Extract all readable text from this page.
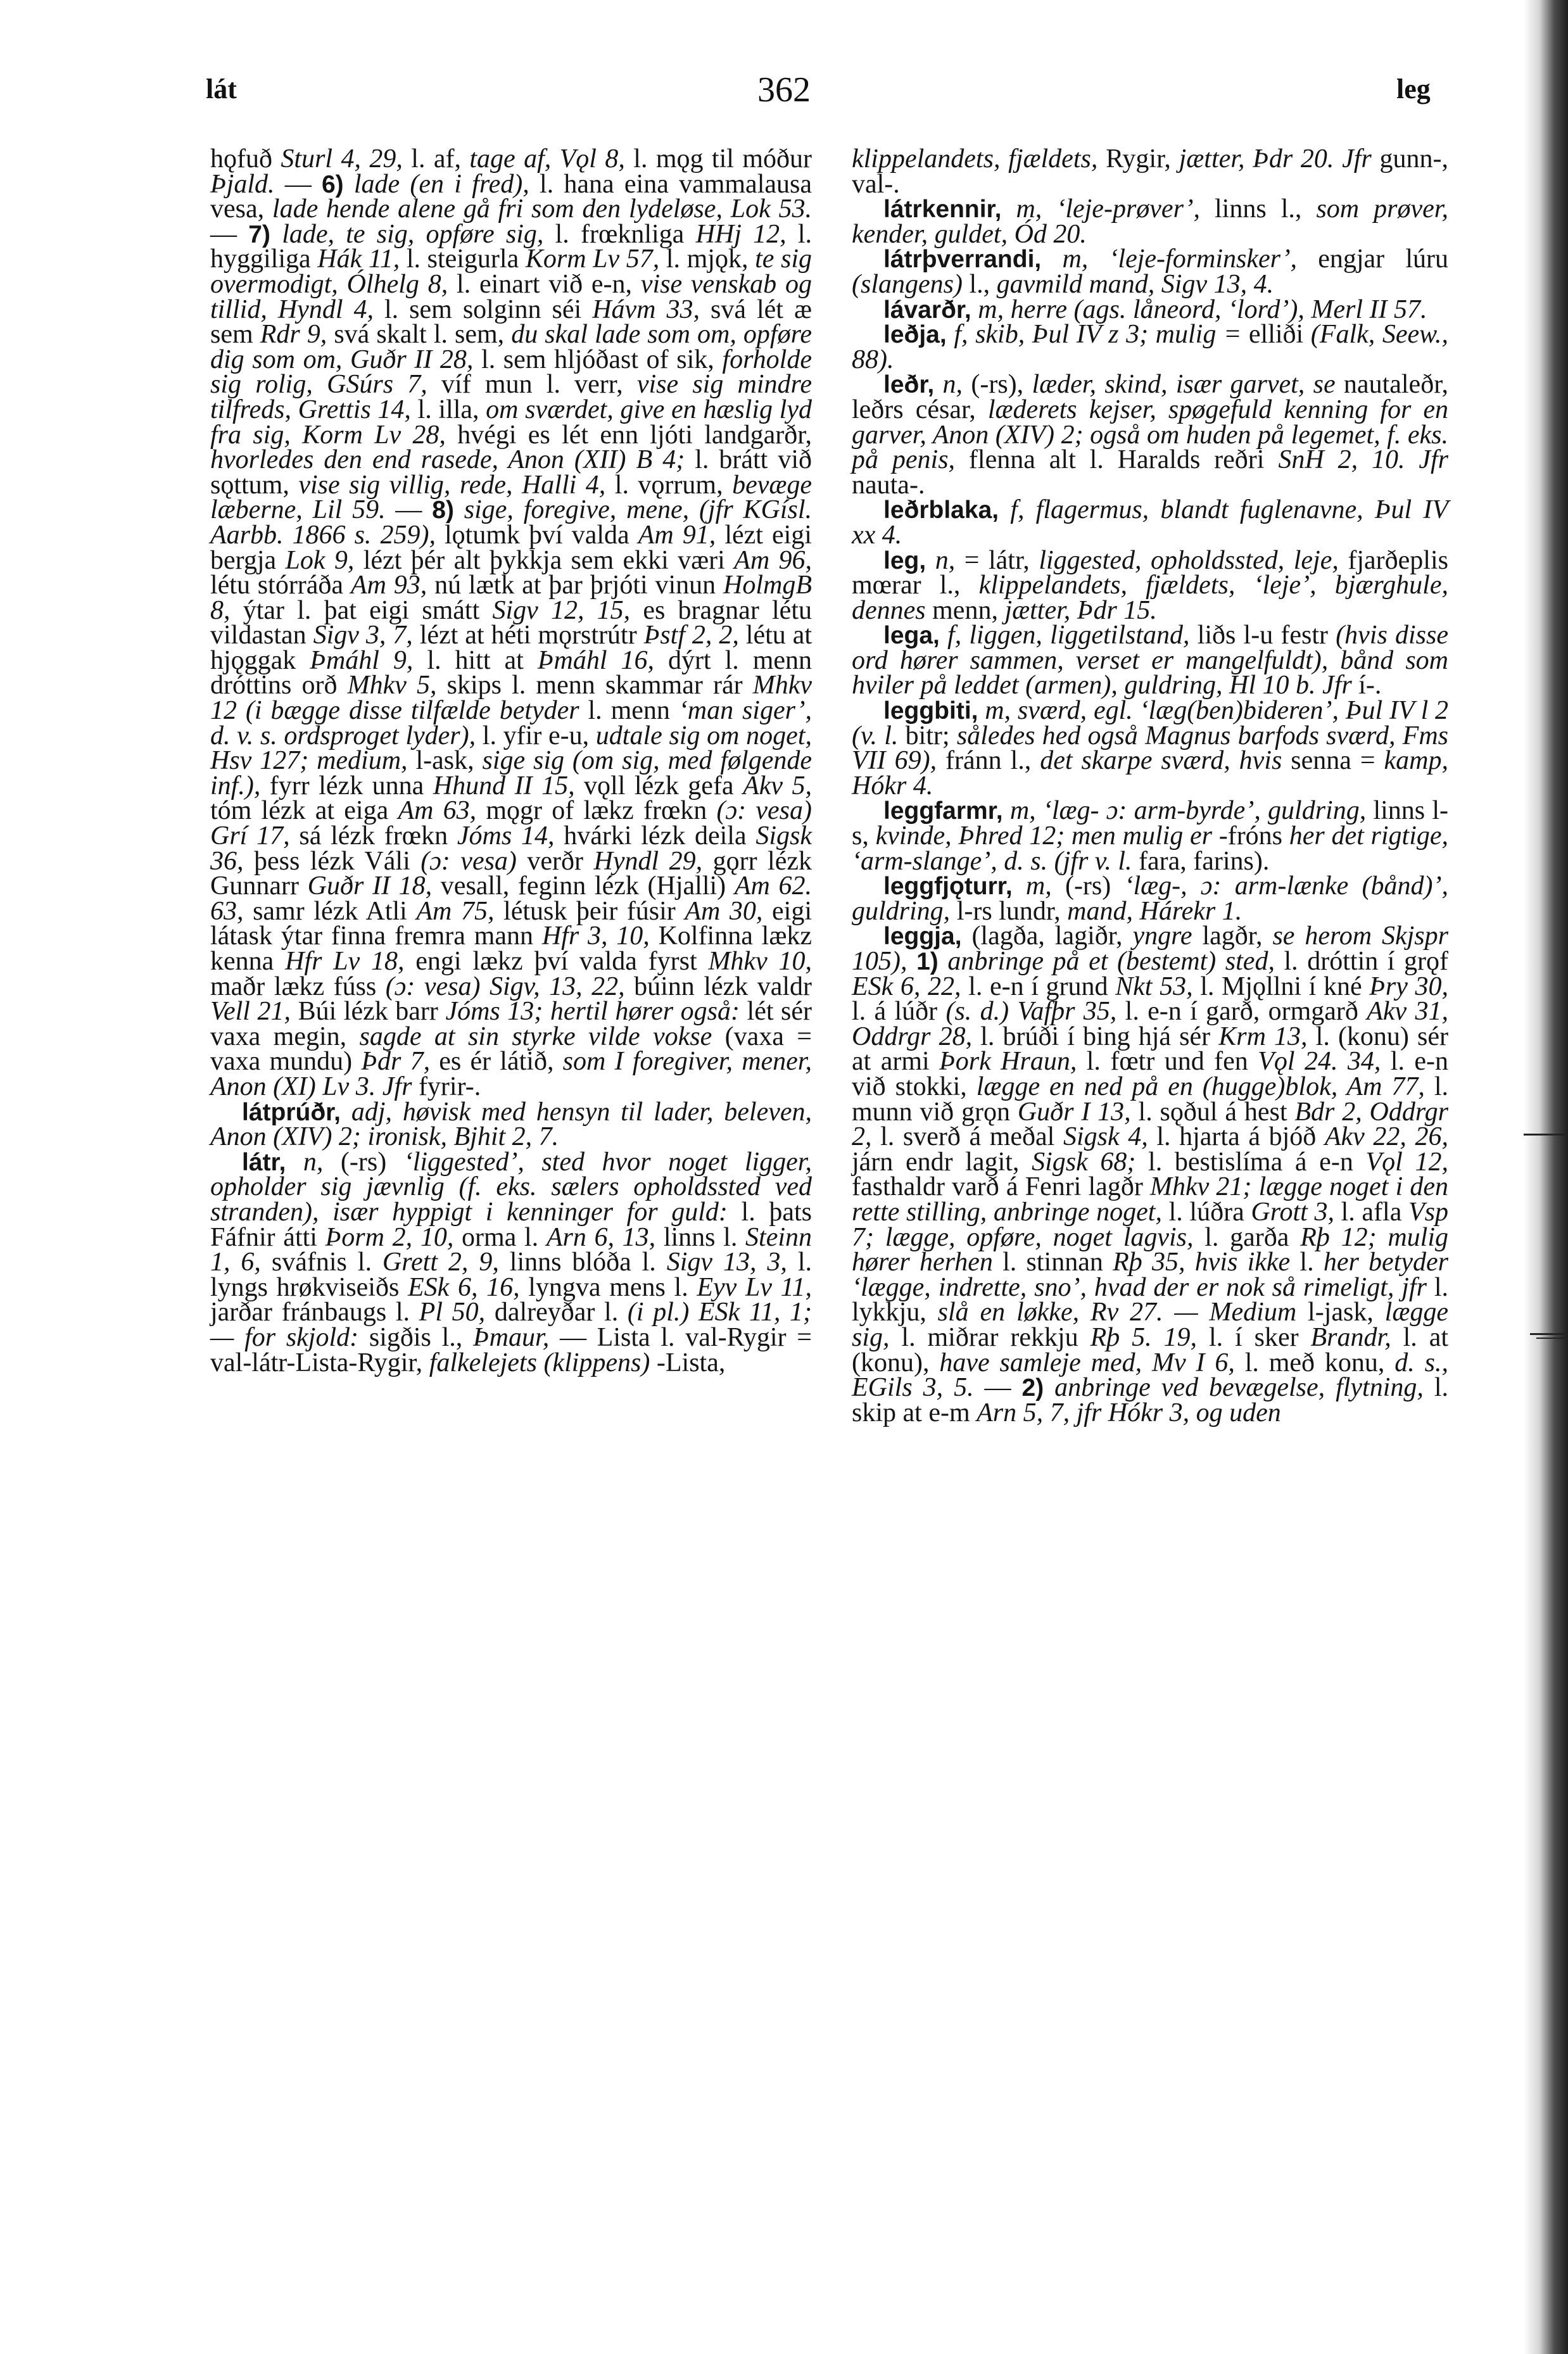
lát	362	leg

hǫfuð Sturl 4, 29, l. af, tage af, Vǫl 8, l. mǫg til móður Þjald. — 6) lade (en i fred), l. hana eina vammalausa vesa, lade hende alene gå fri som den lydeløse, Lok 53. — 7) lade, te sig, opføre sig, l. frœknliga HHj 12, l. hyggiliga Hák 11, l. steigurla Korm Lv 57, l. mjǫk, te sig overmodigt, Ólhelg 8, l. einart við e-n, vise venskab og tillid, Hyndl 4, l. sem solginn séi Hávm 33, svá lét æ sem Rdr 9, svá skalt l. sem, du skal lade som om, opføre dig som om, Guðr II 28, l. sem hljóðast of sik, forholde sig rolig, GSúrs 7, víf mun l. verr, vise sig mindre tilfreds, Grettis 14, l. illa, om sværdet, give en hæslig lyd fra sig, Korm Lv 28, hvégi es lét enn ljóti landgarðr, hvorledes den end rasede, Anon (XII) B 4; l. brátt við sǫttum, vise sig villig, rede, Halli 4, l. vǫrrum, bevæge læberne, Lil 59. — 8) sige, foregive, mene, (jfr KGísl. Aarbb. 1866 s. 259), lǫtumk því valda Am 91, lézt eigi bergja Lok 9, lézt þér alt þykkja sem ekki væri Am 96, létu stórráða Am 93, nú lætk at þar þrjóti vinun HolmgB 8, ýtar l. þat eigi smátt Sigv 12, 15, es bragnar létu vildastan Sigv 3, 7, lézt at héti mǫrstrútr Þstf 2, 2, létu at hjǫggak Þmáhl 9, l. hitt at Þmáhl 16, dýrt l. menn dróttins orð Mhkv 5, skips l. menn skammar rár Mhkv 12 (i bægge disse tilfælde betyder l. menn ‘man siger’, d. v. s. ordsproget lyder), l. yfir e-u, udtale sig om noget, Hsv 127; medium, l-ask, sige sig (om sig, med følgende inf.), fyrr lézk unna Hhund II 15, vǫll lézk gefa Akv 5, tóm lézk at eiga Am 63, mǫgr of lækz frœkn (ɔ: vesa) Grí 17, sá lézk frœkn Jóms 14, hvárki lézk deila Sigsk 36, þess lézk Váli (ɔ: vesa) verðr Hyndl 29, gǫrr lézk Gunnarr Guðr II 18, vesall, feginn lézk (Hjalli) Am 62. 63, samr lézk Atli Am 75, létusk þeir fúsir Am 30, eigi látask ýtar finna fremra mann Hfr 3, 10, Kolfinna lækz kenna Hfr Lv 18, engi lækz því valda fyrst Mhkv 10, maðr lækz fúss (ɔ: vesa) Sigv, 13, 22, búinn lézk valdr Vell 21, Búi lézk barr Jóms 13; hertil hører også: lét sér vaxa megin, sagde at sin styrke vilde vokse (vaxa = vaxa mundu) Þdr 7, es ér látið, som I foregiver, mener, Anon (XI) Lv 3. Jfr fyrir-.

látprúðr, adj, høvisk med hensyn til lader, beleven, Anon (XIV) 2; ironisk, Bjhit 2, 7.

látr, n, (-rs) ‘liggested’, sted hvor noget ligger, opholder sig jævnlig (f. eks. sælers opholdssted ved stranden), især hyppigt i kenninger for guld: l. þats Fáfnir átti Þorm 2, 10, orma l. Arn 6, 13, linns l. Steinn 1, 6, sváfnis l. Grett 2, 9, linns blóða l. Sigv 13, 3, l. lyngs hrøkviseiðs ESk 6, 16, lyngva mens l. Eyv Lv 11, jarðar fránbaugs l. Pl 50, dalreyðar l. (i pl.) ESk 11, 1; — for skjold: sigðis l., Þmaur, — Lista l. val-Rygir = val-látr-Lista-Rygir, falkelejets (klippens) -Lista,

klippelandets, fjældets, Rygir, jætter, Þdr 20. Jfr gunn-, val-.

látrkennir, m, ‘leje-prøver’, linns l., som prøver, kender, guldet, Ód 20.

látrþverrandi, m, ‘leje-forminsker’, engjar lúru (slangens) l., gavmild mand, Sigv 13, 4.

lávarðr, m, herre (ags. låneord, ‘lord’), Merl II 57.

leðja, f, skib, Þul IV z 3; mulig = elliði (Falk, Seew., 88).

leðr, n, (-rs), læder, skind, især garvet, se nautaleðr, leðrs césar, læderets kejser, spøgefuld kenning for en garver, Anon (XIV) 2; også om huden på legemet, f. eks. på penis, flenna alt l. Haralds reðri SnH 2, 10. Jfr nauta-.

leðrblaka, f, flagermus, blandt fuglenavne, Þul IV xx 4.

leg, n, = látr, liggested, opholdssted, leje, fjarðeplis mœrar l., klippelandets, fjældets, ‘leje’, bjærghule, dennes menn, jætter, Þdr 15.

lega, f, liggen, liggetilstand, liðs l-u festr (hvis disse ord hører sammen, verset er mangelfuldt), bånd som hviler på leddet (armen), guldring, Hl 10 b. Jfr í-.

leggbiti, m, sværd, egl. ‘læg(ben)bideren’, Þul IV l 2 (v. l. bitr; således hed også Magnus barfods sværd, Fms VII 69), fránn l., det skarpe sværd, hvis senna = kamp, Hókr 4.

leggfarmr, m, ‘læg- ɔ: arm-byrde’, guldring, linns l-s, kvinde, Þhred 12; men mulig er -fróns her det rigtige, ‘arm-slange’, d. s. (jfr v. l. fara, farins).

leggfjǫturr, m, (-rs) ‘læg-, ɔ: arm-lænke (bånd)’, guldring, l-rs lundr, mand, Hárekr 1.

leggja, (lagða, lagiðr, yngre lagðr, se herom Skjspr 105), 1) anbringe på et (bestemt) sted, l. dróttin í grǫf ESk 6, 22, l. e-n í grund Nkt 53, l. Mjǫllni í kné Þry 30, l. á lúðr (s. d.) Vafþr 35, l. e-n í garð, ormgarð Akv 31, Oddrgr 28, l. brúði í bing hjá sér Krm 13, l. (konu) sér at armi Þork Hraun, l. fœtr und fen Vǫl 24. 34, l. e-n við stokki, lægge en ned på en (hugge)blok, Am 77, l. munn við grǫn Guðr I 13, l. sǫðul á hest Bdr 2, Oddrgr 2, l. sverð á meðal Sigsk 4, l. hjarta á bjóð Akv 22, 26, járn endr lagit, Sigsk 68; l. bestislíma á e-n Vǫl 12, fasthaldr varð á Fenri lagðr Mhkv 21; lægge noget i den rette stilling, anbringe noget, l. lúðra Grott 3, l. afla Vsp 7; lægge, opføre, noget lagvis, l. garða Rþ 12; mulig hører herhen l. stinnan Rþ 35, hvis ikke l. her betyder ‘lægge, indrette, sno’, hvad der er nok så rimeligt, jfr l. lykkju, slå en løkke, Rv 27. — Medium l-jask, lægge sig, l. miðrar rekkju Rþ 5. 19, l. í sker Brandr, l. at (konu), have samleje med, Mv I 6, l. með konu, d. s., EGils 3, 5. — 2) anbringe ved bevægelse, flytning, l. skip at e-m Arn 5, 7, jfr Hókr 3, og uden
